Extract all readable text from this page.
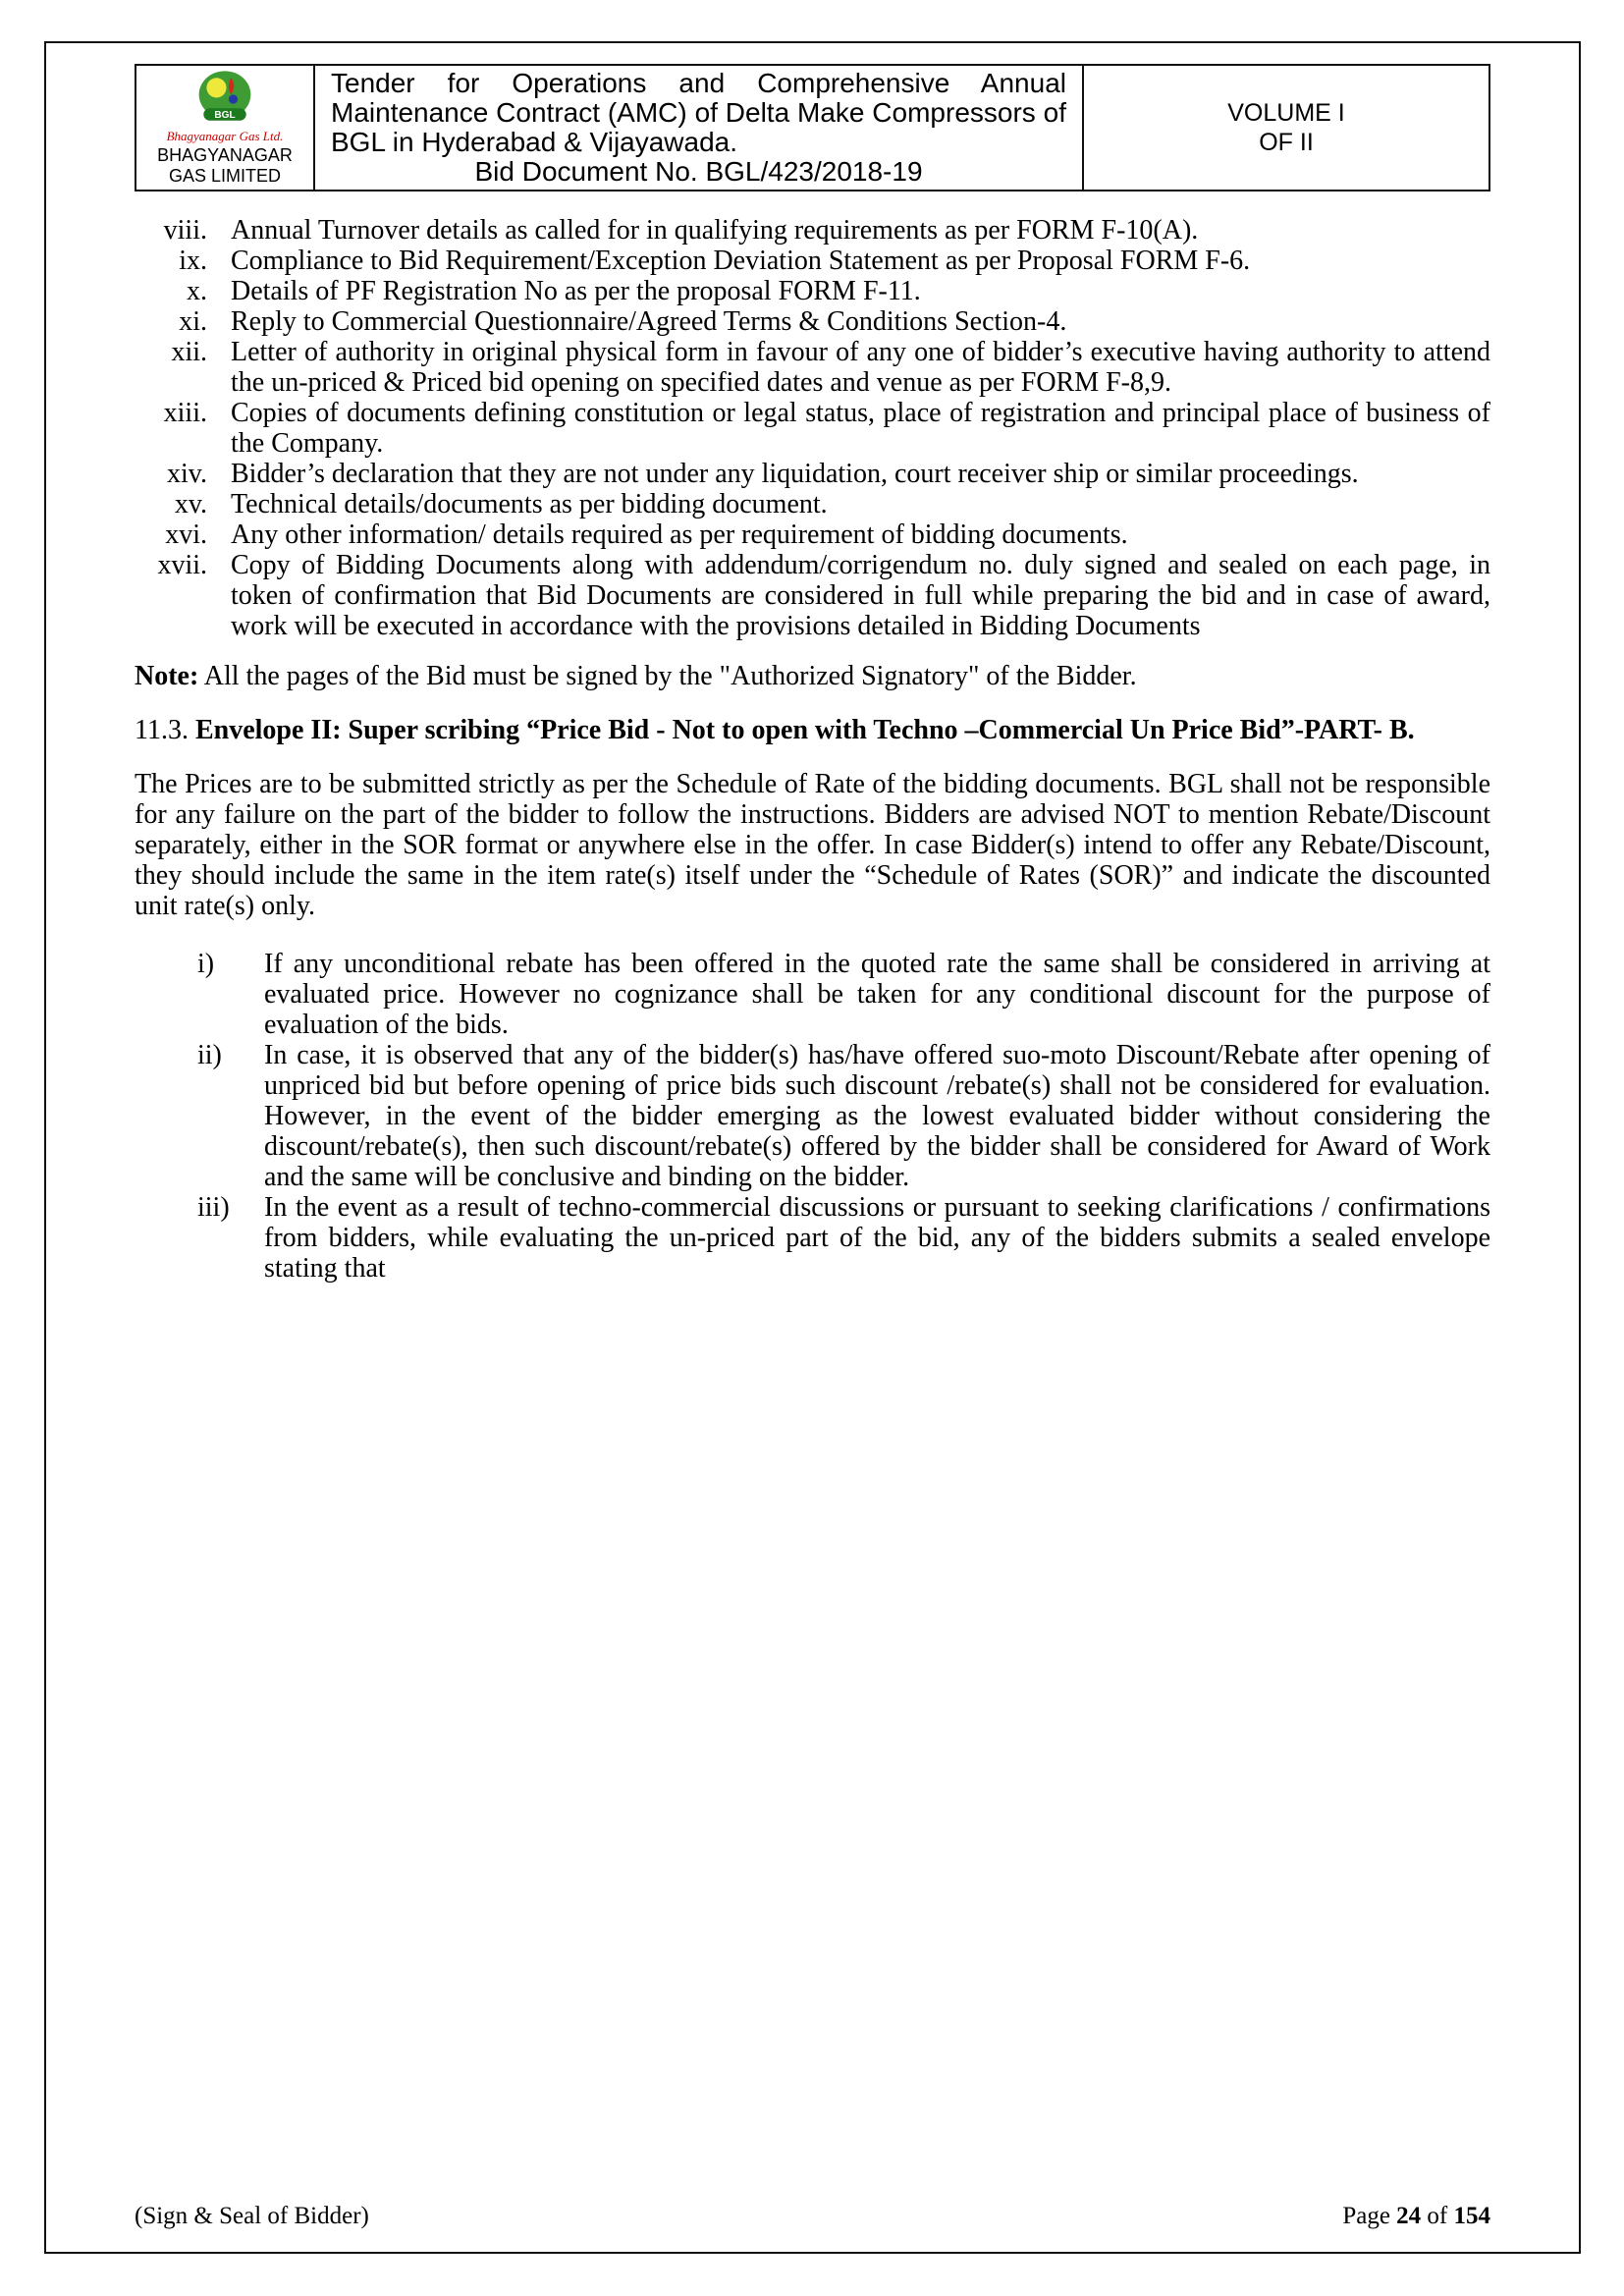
BGL
Bhagyanagar Gas Ltd.
BHAGYANAGAR GAS LIMITED
Tender for Operations and Comprehensive Annual Maintenance Contract (AMC) of Delta Make Compressors of BGL in Hyderabad & Vijayawada.
Bid Document No. BGL/423/2018-19
VOLUME I
OF II
viii. Annual Turnover details as called for in qualifying requirements as per FORM F-10(A).
ix. Compliance to Bid Requirement/Exception Deviation Statement as per Proposal FORM F-6.
x. Details of PF Registration No as per the proposal FORM F-11.
xi. Reply to Commercial Questionnaire/Agreed Terms & Conditions Section-4.
xii. Letter of authority in original physical form in favour of any one of bidder’s executive having authority to attend the un-priced & Priced bid opening on specified dates and venue as per FORM F-8,9.
xiii. Copies of documents defining constitution or legal status, place of registration and principal place of business of the Company.
xiv. Bidder’s declaration that they are not under any liquidation, court receiver ship or similar proceedings.
xv. Technical details/documents as per bidding document.
xvi. Any other information/ details required as per requirement of bidding documents.
xvii. Copy of Bidding Documents along with addendum/corrigendum no. duly signed and sealed on each page, in token of confirmation that Bid Documents are considered in full while preparing the bid and in case of award, work will be executed in accordance with the provisions detailed in Bidding Documents
Note: All the pages of the Bid must be signed by the "Authorized Signatory" of the Bidder.
11.3. Envelope II: Super scribing “Price Bid - Not to open with Techno –Commercial Un Price Bid”-PART- B.
The Prices are to be submitted strictly as per the Schedule of Rate of the bidding documents. BGL shall not be responsible for any failure on the part of the bidder to follow the instructions. Bidders are advised NOT to mention Rebate/Discount separately, either in the SOR format or anywhere else in the offer. In case Bidder(s) intend to offer any Rebate/Discount, they should include the same in the item rate(s) itself under the “Schedule of Rates (SOR)” and indicate the discounted unit rate(s) only.
i)	If any unconditional rebate has been offered in the quoted rate the same shall be considered in arriving at evaluated price. However no cognizance shall be taken for any conditional discount for the purpose of evaluation of the bids.
ii)	In case, it is observed that any of the bidder(s) has/have offered suo-moto Discount/Rebate after opening of unpriced bid but before opening of price bids such discount /rebate(s) shall not be considered for evaluation. However, in the event of the bidder emerging as the lowest evaluated bidder without considering the discount/rebate(s), then such discount/rebate(s) offered by the bidder shall be considered for Award of Work and the same will be conclusive and binding on the bidder.
iii)	In the event as a result of techno-commercial discussions or pursuant to seeking clarifications / confirmations from bidders, while evaluating the un-priced part of the bid, any of the bidders submits a sealed envelope stating that
(Sign & Seal of Bidder)	Page 24 of 154
